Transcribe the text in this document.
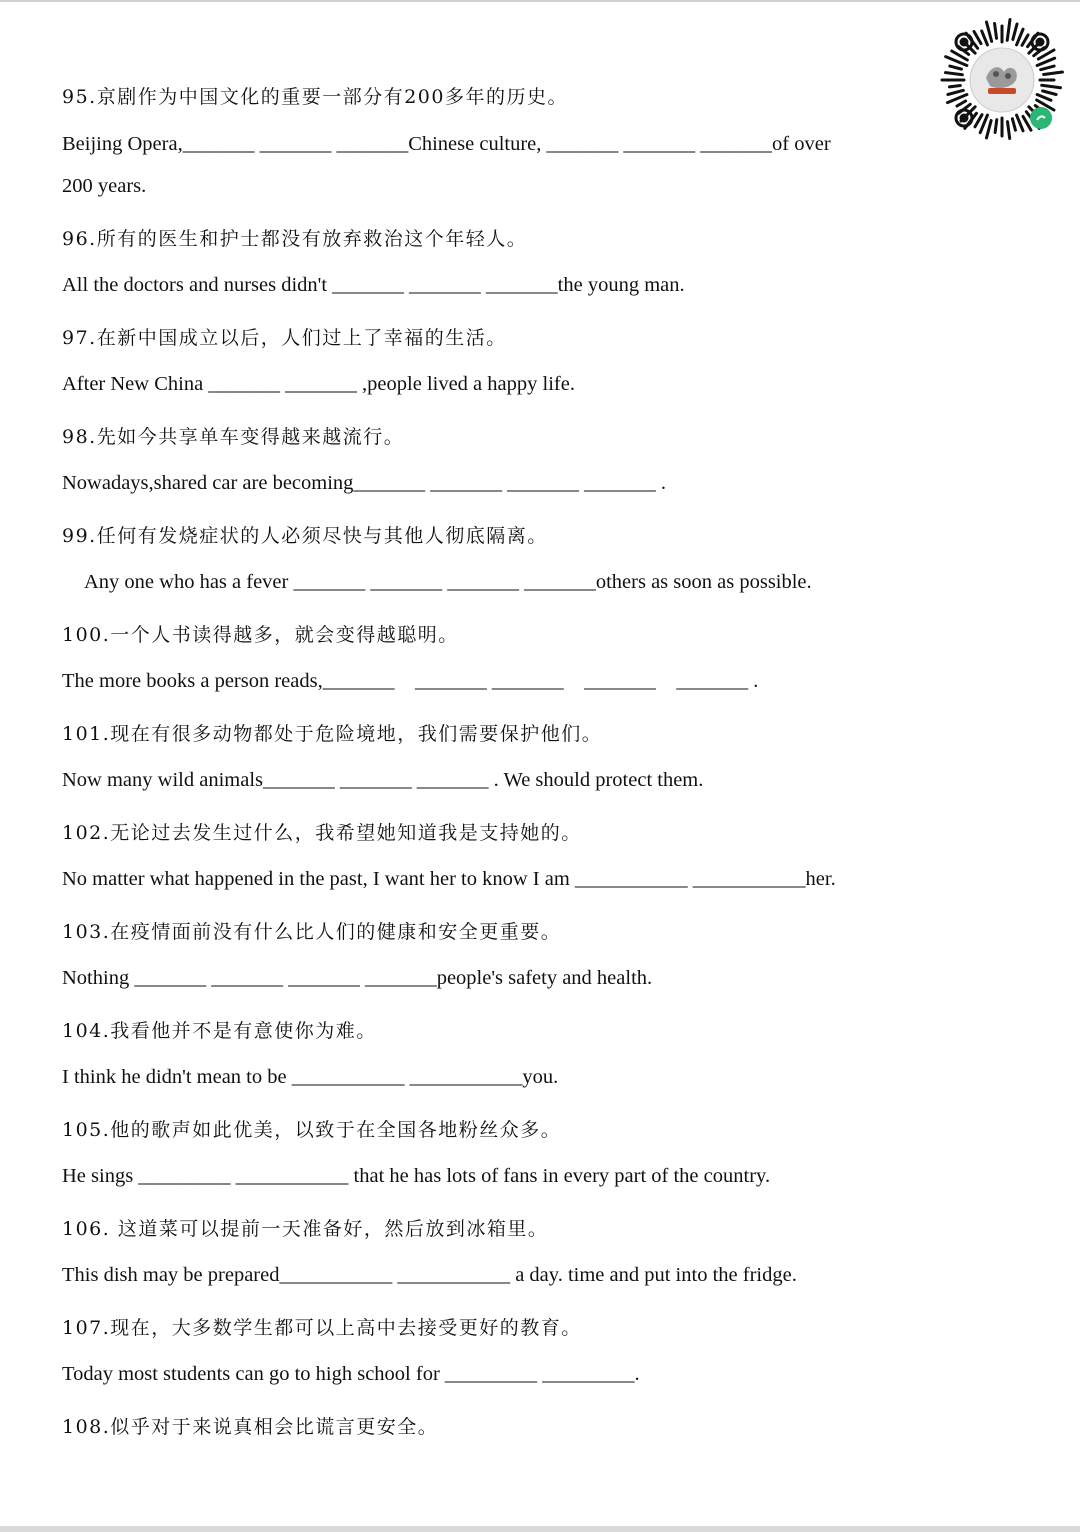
95.京剧作为中国文化的重要一部分有200多年的历史。
Beijing Opera,_______ _______ _______Chinese culture, _______ _______ _______of over
200 years.
96.所有的医生和护士都没有放弃救治这个年轻人。
All the doctors and nurses didn't _______ _______ _______the young man.
97.在新中国成立以后，人们过上了幸福的生活。
After New China _______ _______ ,people lived a happy life.
98.先如今共享单车变得越来越流行。
Nowadays,shared car are becoming_______ _______ _______ _______ .
99.任何有发烧症状的人必须尽快与其他人彻底隔离。
Any one who has a fever _______ _______ _______ _______others as soon as possible.
100.一个人书读得越多，就会变得越聪明。
The more books a person reads,_______    _______ _______    _______    _______ .
101.现在有很多动物都处于危险境地，我们需要保护他们。
Now many wild animals_______ _______ _______ . We should protect them.
102.无论过去发生过什么，我希望她知道我是支持她的。
No matter what happened in the past, I want her to know I am ___________ ___________her.
103.在疫情面前没有什么比人们的健康和安全更重要。
Nothing _______ _______ _______ _______people's safety and health.
104.我看他并不是有意使你为难。
I think he didn't mean to be ___________ ___________you.
105.他的歌声如此优美，以致于在全国各地粉丝众多。
He sings _________ ___________ that he has lots of fans in every part of the country.
106. 这道菜可以提前一天准备好，然后放到冰箱里。
This dish may be prepared___________ ___________ a day. time and put into the fridge.
107.现在，大多数学生都可以上高中去接受更好的教育。
Today most students can go to high school for _________ _________.
108.似乎对于来说真相会比谎言更安全。
